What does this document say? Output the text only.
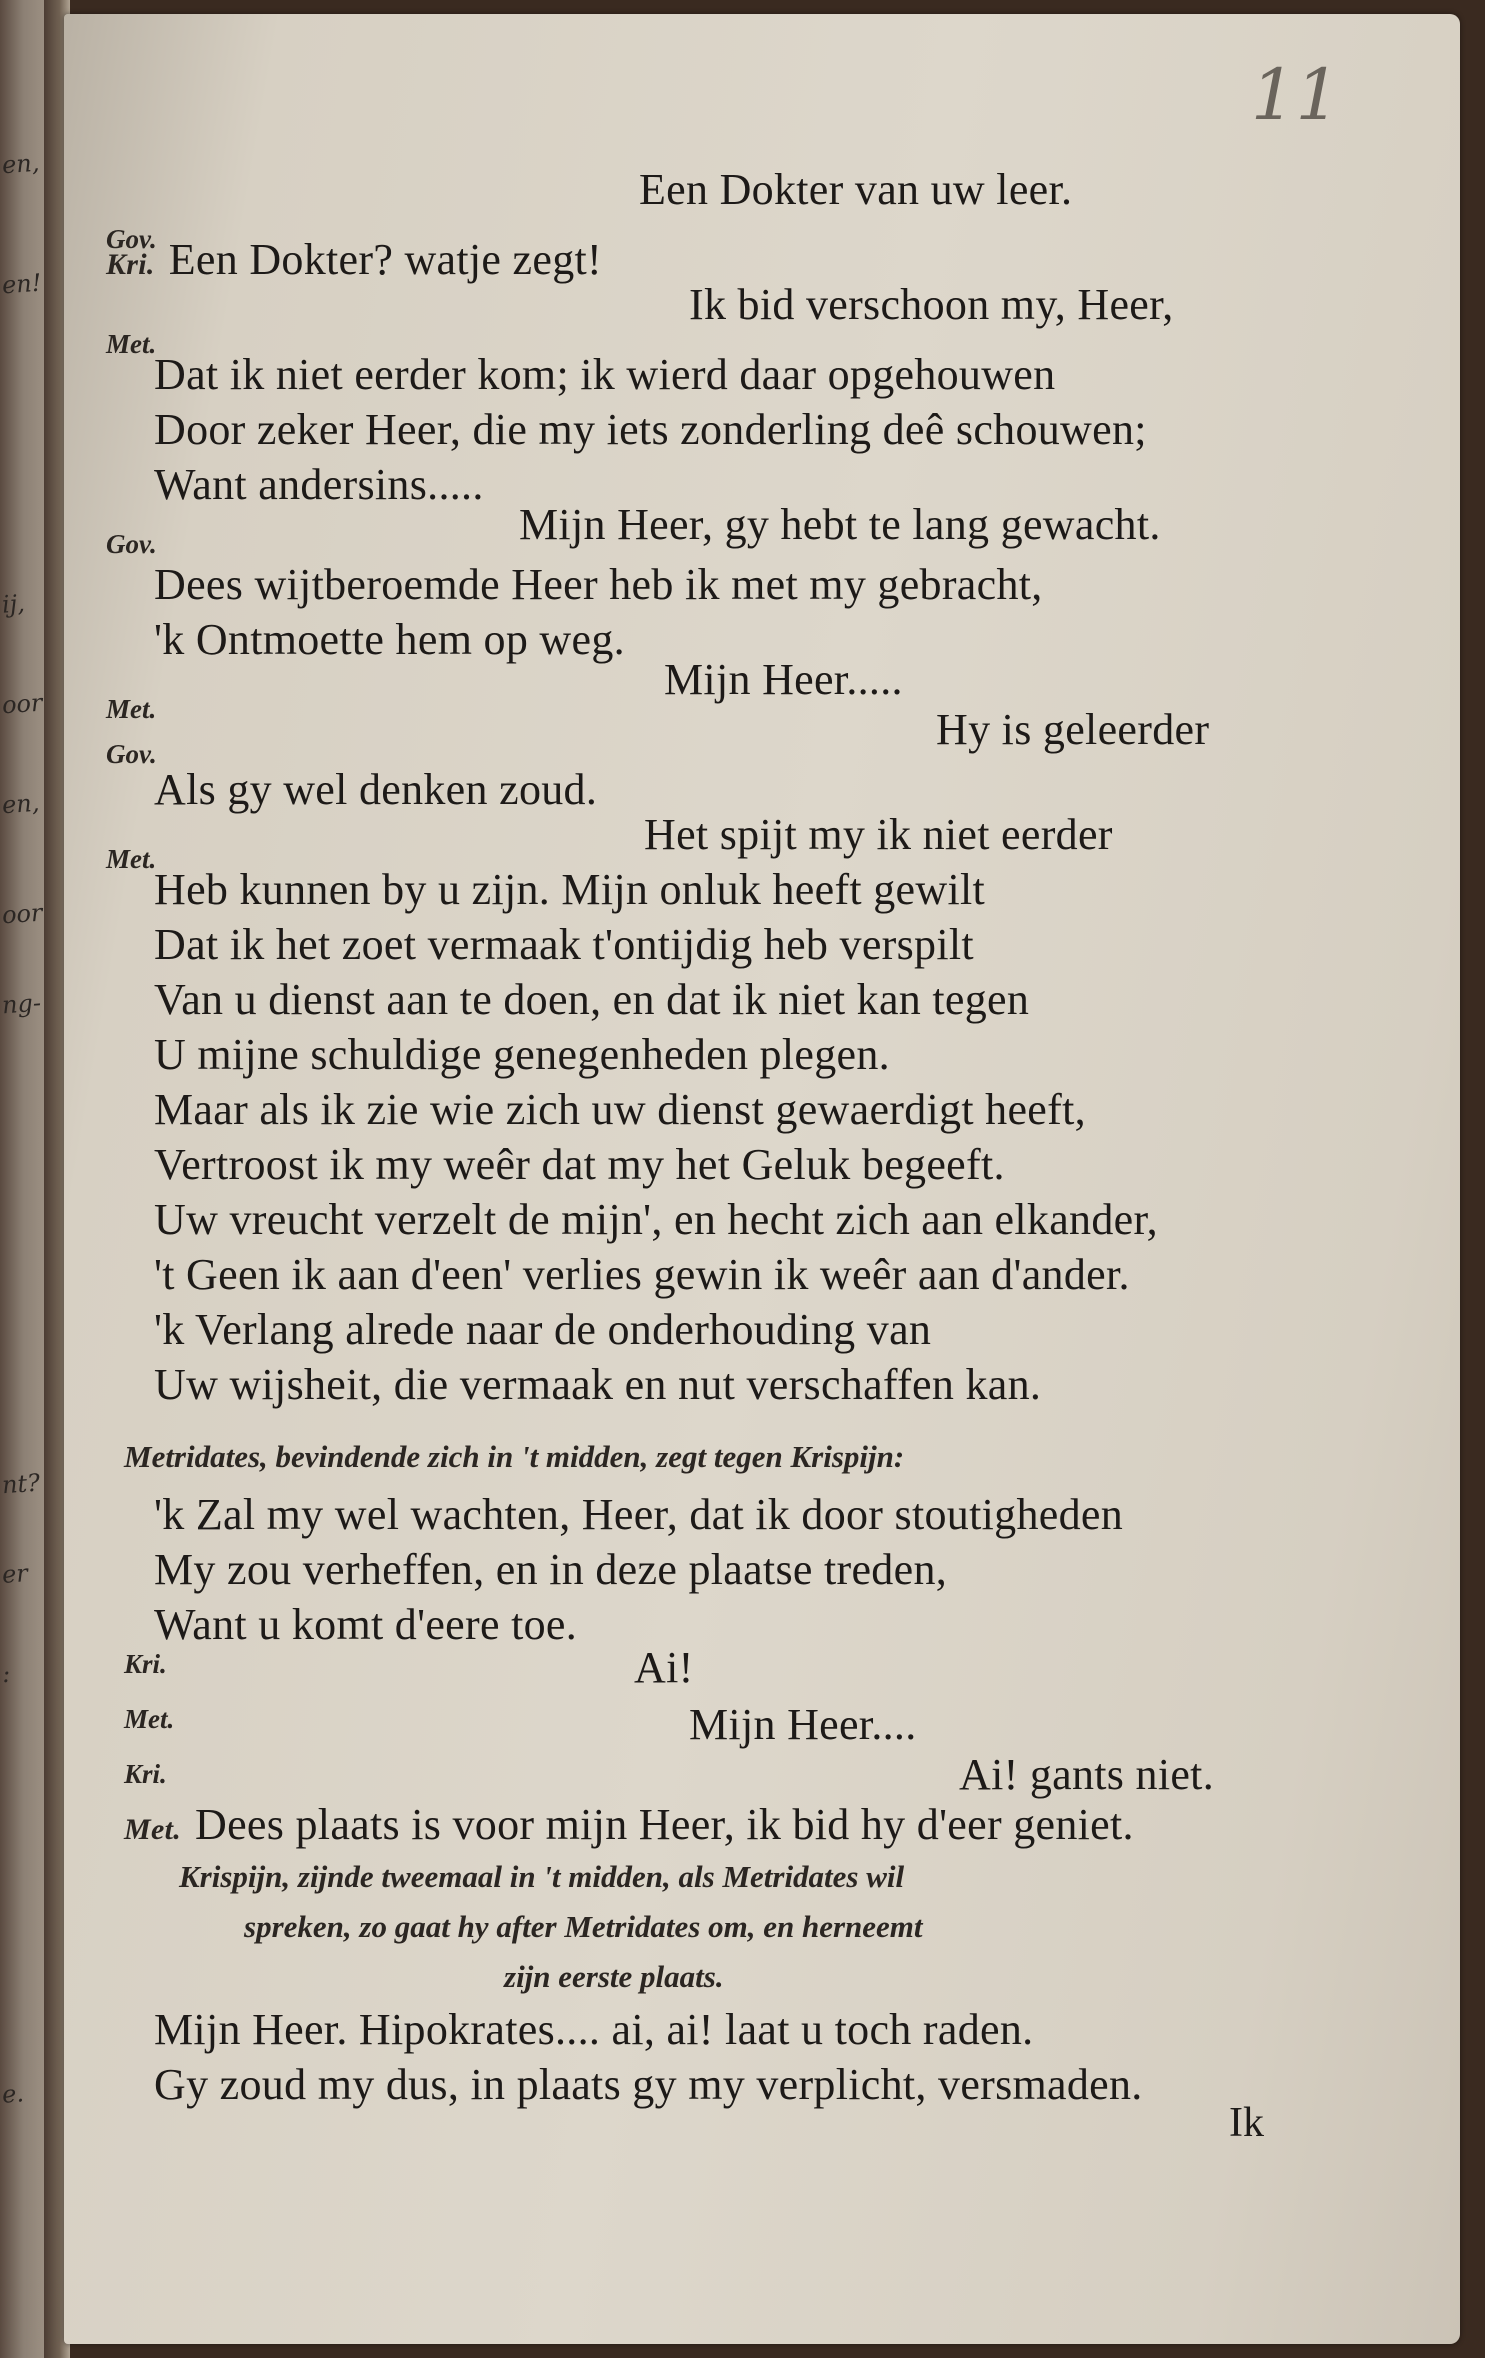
en,
en!
ij,
oor
en,
oor
ng-
nt?
er
:
e.
11
Een Dokter van uw leer.
Gov.
Kri. Een Dokter? watje zegt!
Ik bid verschoon my, Heer,
Met.
Dat ik niet eerder kom; ik wierd daar opgehouwen
Door zeker Heer, die my iets zonderling deê schouwen;
Want andersins.....
Mijn Heer, gy hebt te lang gewacht.
Gov.
Dees wijtberoemde Heer heb ik met my gebracht,
'k Ontmoette hem op weg.
Mijn Heer.....
Met.	Hy is geleerder
Gov.
Als gy wel denken zoud.
Het spijt my ik niet eerder
Met.
Heb kunnen by u zijn. Mijn onluk heeft gewilt
Dat ik het zoet vermaak t'ontijdig heb verspilt
Van u dienst aan te doen, en dat ik niet kan tegen
U mijne schuldige genegenheden plegen.
Maar als ik zie wie zich uw dienst gewaerdigt heeft,
Vertroost ik my weêr dat my het Geluk begeeft.
Uw vreucht verzelt de mijn', en hecht zich aan elkander,
't Geen ik aan d'een' verlies gewin ik weêr aan d'ander.
'k Verlang alrede naar de onderhouding van
Uw wijsheit, die vermaak en nut verschaffen kan.
Metridates, bevindende zich in 't midden, zegt tegen Krispijn:
'k Zal my wel wachten, Heer, dat ik door stoutigheden
My zou verheffen, en in deze plaatse treden,
Want u komt d'eere toe.
Kri.	Ai!
Met.	Mijn Heer....
Kri.	Ai! gants niet.
Met. Dees plaats is voor mijn Heer, ik bid hy d'eer geniet.
Krispijn, zijnde tweemaal in 't midden, als Metridates wil
spreken, zo gaat hy after Metridates om, en herneemt
zijn eerste plaats.
Mijn Heer. Hipokrates.... ai, ai! laat u toch raden.
Gy zoud my dus, in plaats gy my verplicht, versmaden.
Ik
